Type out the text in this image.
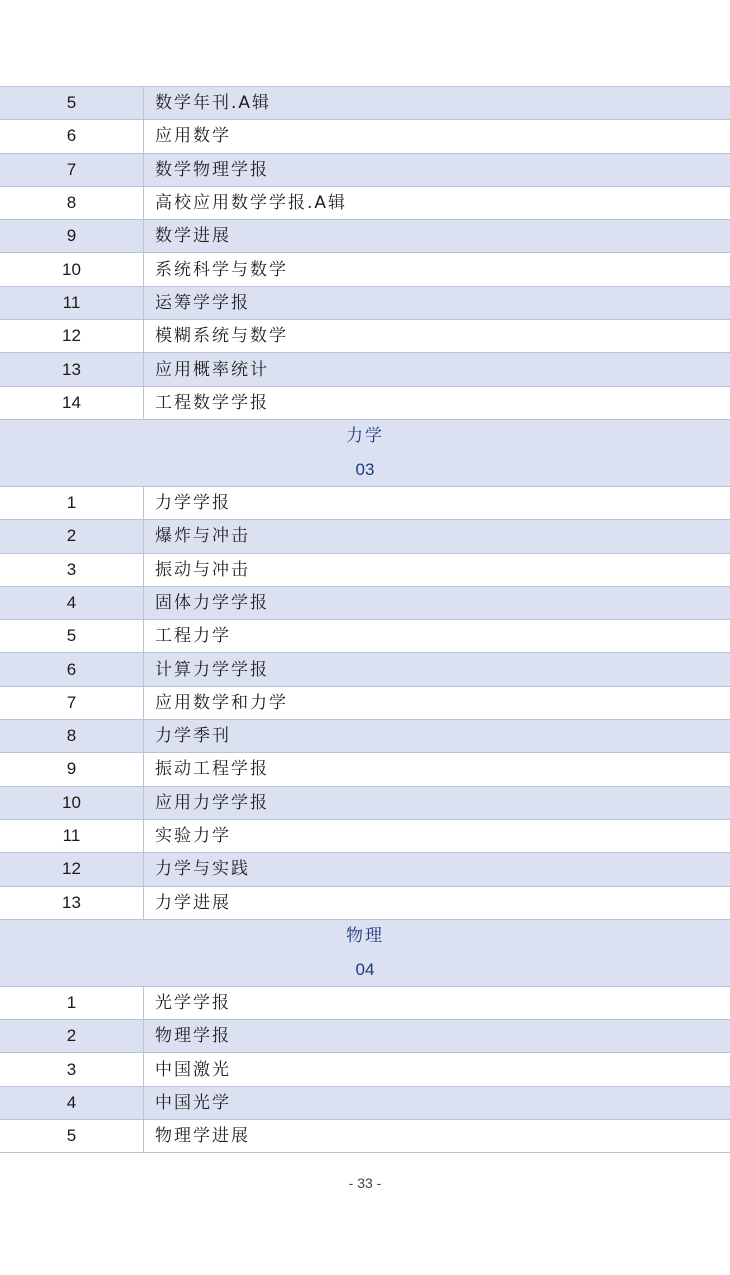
5	数学年刊.A辑
6	应用数学
7	数学物理学报
8	高校应用数学学报.A辑
9	数学进展
10	系统科学与数学
11	运筹学学报
12	模糊系统与数学
13	应用概率统计
14	工程数学学报

力学
03	

1	力学学报
2	爆炸与冲击
3	振动与冲击
4	固体力学学报
5	工程力学
6	计算力学学报
7	应用数学和力学
8	力学季刊
9	振动工程学报
10	应用力学学报
11	实验力学
12	力学与实践
13	力学进展

物理
04	

1	光学学报
2	物理学报
3	中国激光
4	中国光学
5	物理学进展
- 33 -
